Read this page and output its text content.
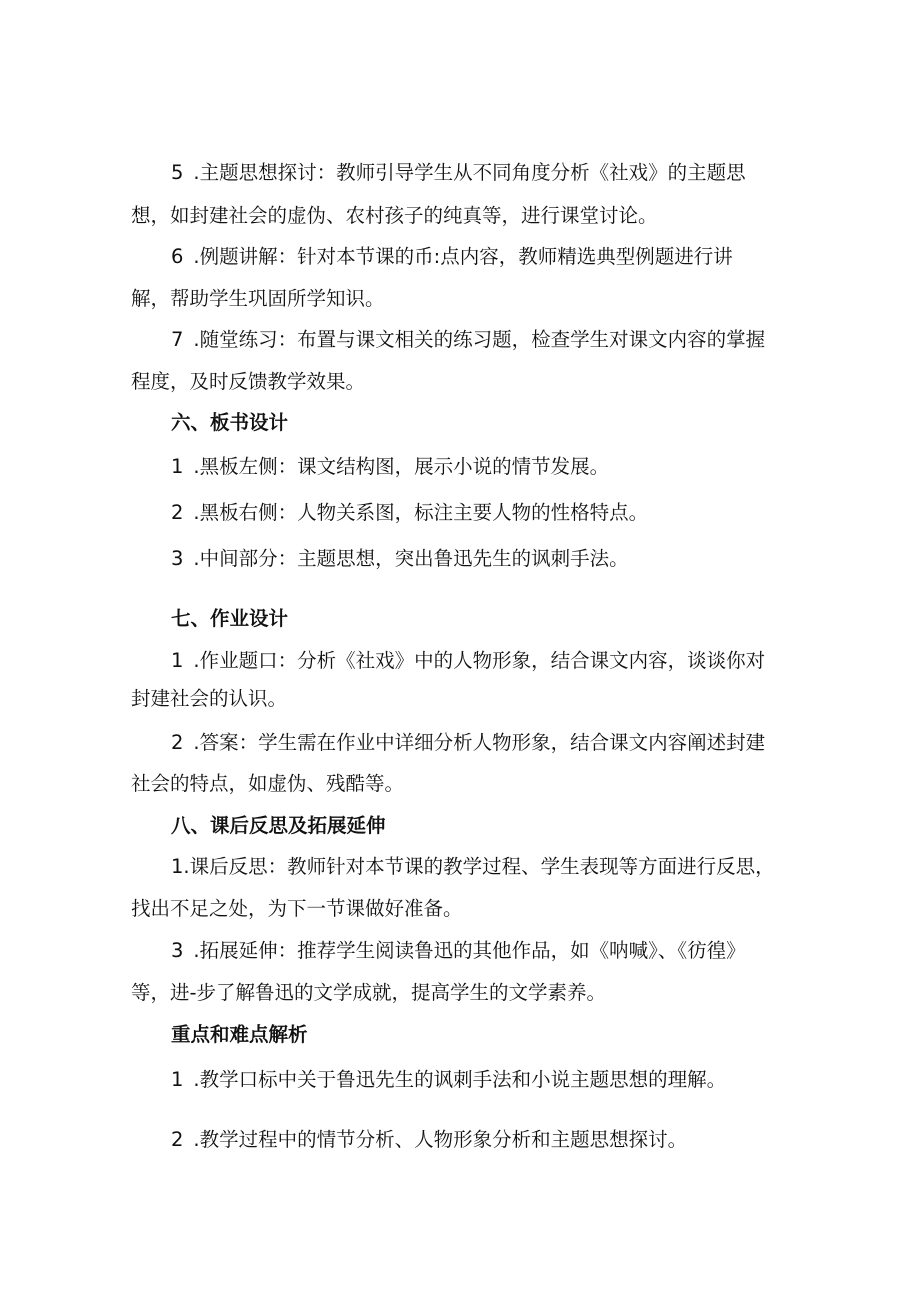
5 .主题思想探讨：教师引导学生从不同角度分析《社戏》的主题思
想，如封建社会的虚伪、农村孩子的纯真等，进行课堂讨论。
6 .例题讲解：针对本节课的币:点内容，教师精选典型例题进行讲
解，帮助学生巩固所学知识。
7 .随堂练习：布置与课文相关的练习题，检查学生对课文内容的掌握
程度，及时反馈教学效果。
六、板书设计
1 .黑板左侧：课文结构图，展示小说的情节发展。
2 .黑板右侧：人物关系图，标注主要人物的性格特点。
3 .中间部分：主题思想，突出鲁迅先生的讽刺手法。
七、作业设计
1 .作业题口：分析《社戏》中的人物形象，结合课文内容，谈谈你对
封建社会的认识。
2 .答案：学生需在作业中详细分析人物形象，结合课文内容阐述封建
社会的特点，如虚伪、残酷等。
八、课后反思及拓展延伸
1.课后反思：教师针对本节课的教学过程、学生表现等方面进行反思，
找出不足之处，为下一节课做好准备。
3 .拓展延伸：推荐学生阅读鲁迅的其他作品，如《呐喊》、《彷徨》
等，进-步了解鲁迅的文学成就，提高学生的文学素养。
重点和难点解析
1 .教学口标中关于鲁迅先生的讽刺手法和小说主题思想的理解。
2 .教学过程中的情节分析、人物形象分析和主题思想探讨。
